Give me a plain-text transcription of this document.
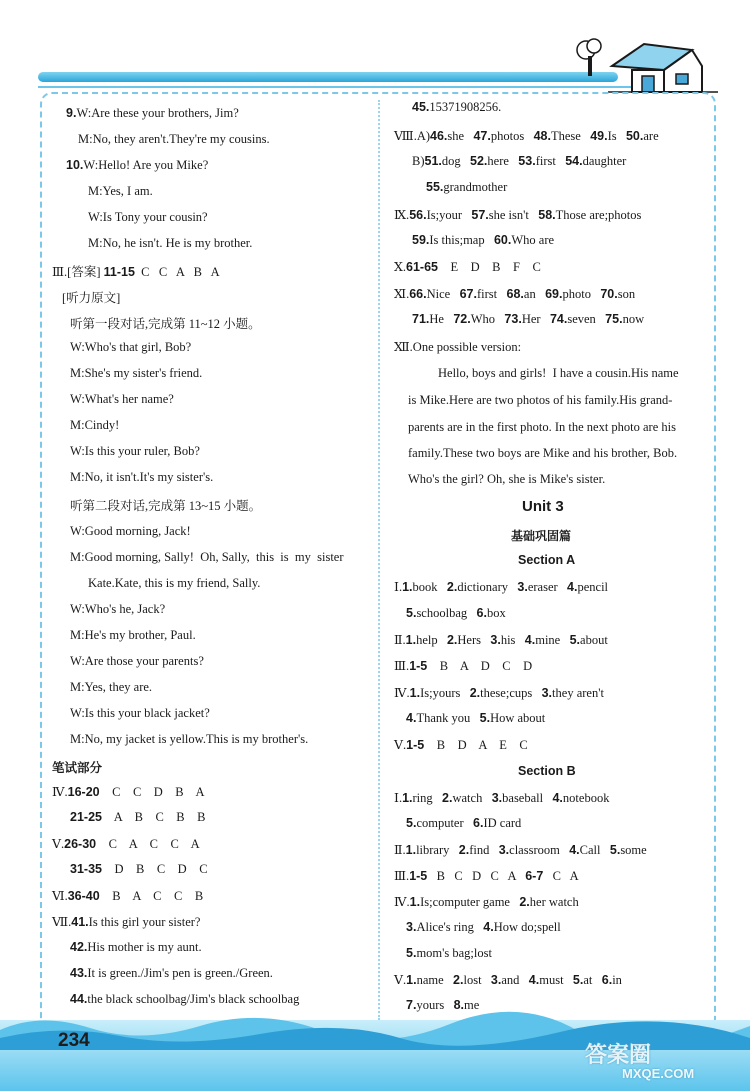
9.W:Are these your brothers, Jim?
M:No, they aren't.They're my cousins.
10.W:Hello! Are you Mike?
M:Yes, I am.
W:Is Tony your cousin?
M:No, he isn't. He is my brother.
Ⅲ.[答案] 11-15  C   C   A   B   A
[听力原文]
听第一段对话,完成第 11~12 小题。
W:Who's that girl, Bob?
M:She's my sister's friend.
W:What's her name?
M:Cindy!
W:Is this your ruler, Bob?
M:No, it isn't.It's my sister's.
听第二段对话,完成第 13~15 小题。
W:Good morning, Jack!
M:Good morning, Sally!  Oh, Sally,  this  is  my  sister
Kate.Kate, this is my friend, Sally.
W:Who's he, Jack?
M:He's my brother, Paul.
W:Are those your parents?
M:Yes, they are.
W:Is this your black jacket?
M:No, my jacket is yellow.This is my brother's.
笔试部分
Ⅳ.16-20    C    C    D    B    A
21-25    A    B    C    B    B
Ⅴ.26-30    C    A    C    C    A
31-35    D    B    C    D    C
Ⅵ.36-40    B    A    C    C    B
Ⅶ.41.Is this girl your sister?
42.His mother is my aunt.
43.It is green./Jim's pen is green./Green.
44.the black schoolbag/Jim's black schoolbag
45.15371908256.
Ⅷ.A)46.she   47.photos   48.These   49.Is   50.are
B)51.dog   52.here   53.first   54.daughter
55.grandmother
Ⅸ.56.Is;your   57.she isn't   58.Those are;photos
59.Is this;map   60.Who are
Ⅹ.61-65    E    D    B    F    C
Ⅺ.66.Nice   67.first   68.an   69.photo   70.son
71.He   72.Who   73.Her   74.seven   75.now
Ⅻ.One possible version:
Hello, boys and girls!  I have a cousin.His name
is Mike.Here are two photos of his family.His grand-
parents are in the first photo. In the next photo are his
family.These two boys are Mike and his brother, Bob.
Who's the girl? Oh, she is Mike's sister.
Unit 3
基础巩固篇
Section A
Ⅰ.1.book   2.dictionary   3.eraser   4.pencil
5.schoolbag   6.box
Ⅱ.1.help   2.Hers   3.his   4.mine   5.about
Ⅲ.1-5    B    A    D    C    D
Ⅳ.1.Is;yours   2.these;cups   3.they aren't
4.Thank you   5.How about
Ⅴ.1-5    B    D    A    E    C
Section B
Ⅰ.1.ring   2.watch   3.baseball   4.notebook
5.computer   6.ID card
Ⅱ.1.library   2.find   3.classroom   4.Call   5.some
Ⅲ.1-5   B   C   D   C   A   6-7   C   A
Ⅳ.1.Is;computer game   2.her watch
3.Alice's ring   4.How do;spell
5.mom's bag;lost
Ⅴ.1.name   2.lost   3.and   4.must   5.at   6.in
7.yours   8.me
234
答案圈
MXQE.COM
